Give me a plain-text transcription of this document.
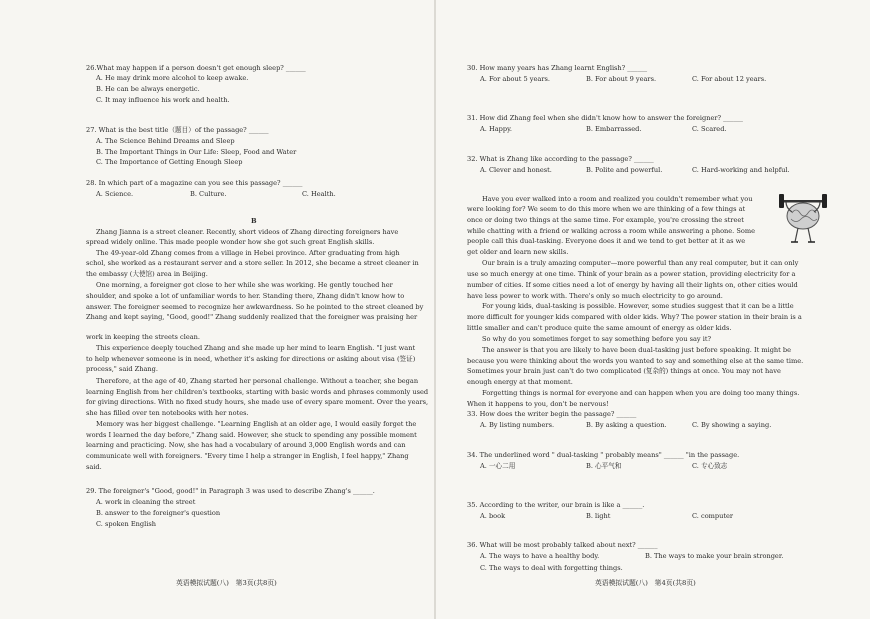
26.What may happen if a person doesn't get enough sleep? ______
A. He may drink more alcohol to keep awake.
B. He can be always energetic.
C. It may influence his work and health.
27. What is the best title（题目）of the passage? ______
A. The Science Behind Dreams and Sleep
B. The Important Things in Our Life: Sleep, Food and Water
C. The Importance of Getting Enough Sleep
28. In which part of a magazine can you see this passage? ______
A. Science.	B. Culture.	C. Health.
B
Zhang Jianna is a street cleaner. Recently, short videos of Zhang directing foreigners have
spread widely online. This made people wonder how she got such great English skills.
The 49-year-old Zhang comes from a village in Hebei province. After graduating from high
schol, she worked as a restaurant server and a store seller. In 2012, she became a street cleaner in
the embassy (大使馆) area in Beijing.
One morning, a foreigner got close to her while she was working. He gently touched her
shoulder, and spoke a lot of unfamiliar words to her. Standing there, Zhang didn't know how to
answer. The foreigner seemed to recognize her awkwardness. So he pointed to the street cleaned by
Zhang and kept saying, "Good, good!" Zhang suddenly realized that the foreigner was praising her
work in keeping the streets clean.
This experience deeply touched Zhang and she made up her mind to learn English. "I just want
to help whenever someone is in need, whether it's asking for directions or asking about visa (签证)
process," said Zhang.
Therefore, at the age of 40, Zhang started her personal challenge. Without a teacher, she began
learning English from her children's textbooks, starting with basic words and phrases commonly used
for giving directions. With no fixed study hours, she made use of every spare moment. Over the years,
she has filled over ten notebooks with her notes.
Memory was her biggest challenge. "Learning English at an older age, I would easily forget the
words I learned the day before," Zhang said. However, she stuck to spending any possible moment
learning and practicing. Now, she has had a vocabulary of around 3,000 English words and can
communicate well with foreigners. "Every time I help a stranger in English, I feel happy," Zhang
said.
29. The foreigner's "Good, good!" in Paragraph 3 was used to describe Zhang's ______.
A. work in cleaning the street
B. answer to the foreigner's question
C. spoken English
英语模拟试题(八)　第3页(共8页)
30. How many years has Zhang learnt English? ______
A. For about 5 years.	B. For about 9 years.	C. For about 12 years.
31. How did Zhang feel when she didn't know how to answer the foreigner? ______
A. Happy.	B. Embarrassed.	C. Scared.
32. What is Zhang like according to the passage? ______
A. Clever and honest.	B. Polite and powerful.	C. Hard-working and helpful.
Have you ever walked into a room and realized you couldn't remember what you
were looking for? We seem to do this more when we are thinking of a few things at
once or doing two things at the same time. For example, you're crossing the street
while chatting with a friend or walking across a room while answering a phone. Some
people call this dual-tasking. Everyone does it and we tend to get better at it as we
get older and learn new skills.
Our brain is a truly amazing computer—more powerful than any real computer, but it can only
use so much energy at one time. Think of your brain as a power station, providing electricity for a
number of cities. If some cities need a lot of energy by having all their lights on, other cities would
have less power to work with. There's only so much electricity to go around.
For young kids, dual-tasking is possible. However, some studies suggest that it can be a little
more difficult for younger kids compared with older kids. Why? The power station in their brain is a
little smaller and can't produce quite the same amount of energy as older kids.
So why do you sometimes forget to say something before you say it?
The answer is that you are likely to have been dual-tasking just before speaking. It might be
because you were thinking about the words you wanted to say and something else at the same time.
Sometimes your brain just can't do two complicated (复杂的) things at once. You may not have
enough energy at that moment.
Forgetting things is normal for everyone and can happen when you are doing too many things.
When it happens to you, don't be nervous!
33. How does the writer begin the passage? ______
A. By listing numbers.	B. By asking a question.	C. By showing a saying.
34. The underlined word " dual-tasking " probably means" ______ "in the passage.
A. 一心二用	B. 心平气和	C. 专心致志
35. According to the writer, our brain is like a ______.
A. book	B. light	C. computer
36. What will be most probably talked about next? ______
A. The ways to have a healthy body.	B. The ways to make your brain stronger.
C. The ways to deal with forgetting things.
英语模拟试题(八)　第4页(共8页)
